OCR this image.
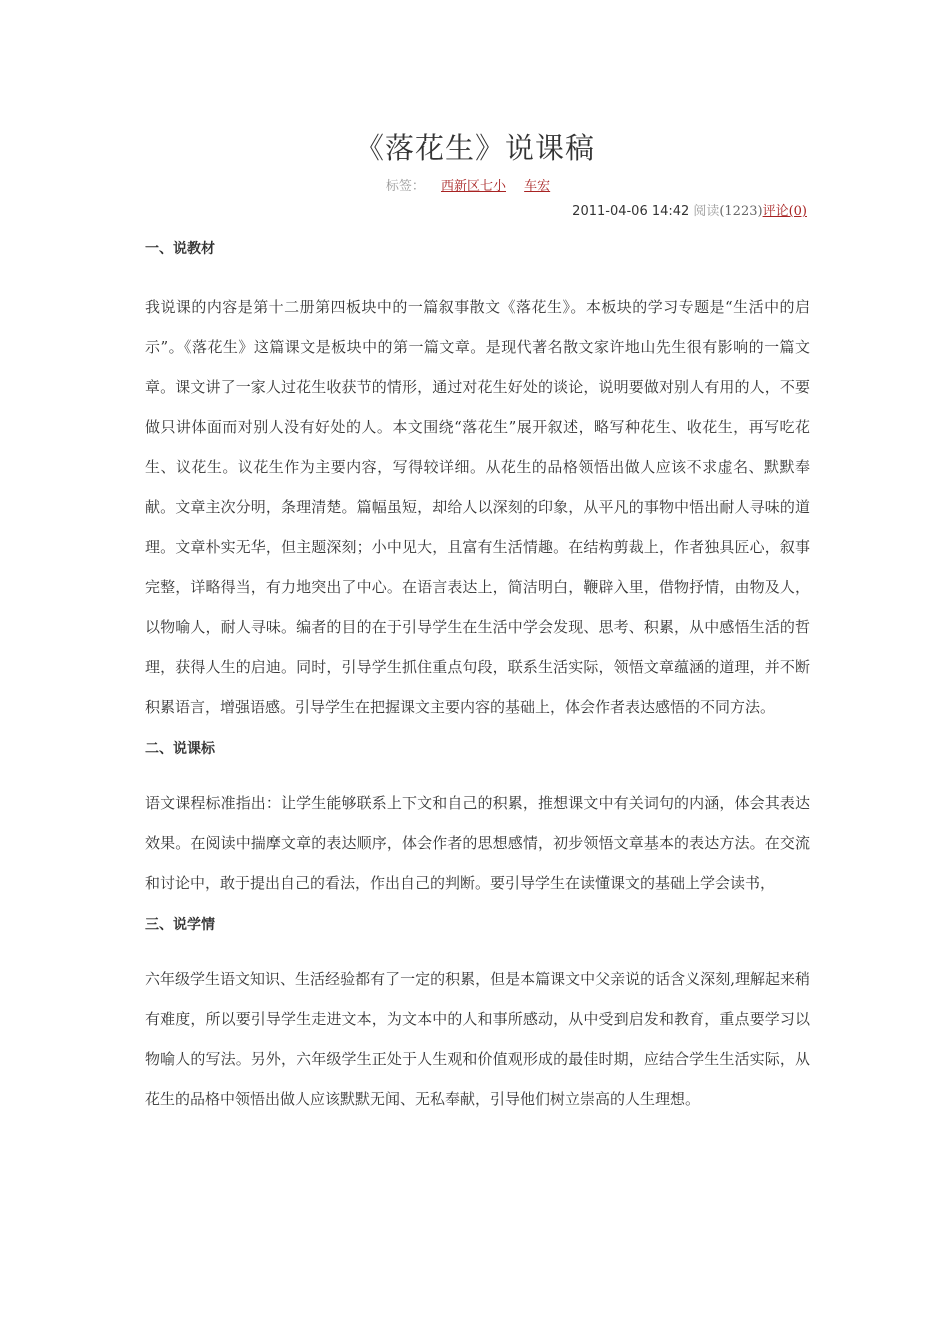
《落花生》说课稿
标签： 西新区七小 车宏
2011-04-06 14:42 阅读(1223)评论(0)

一、说教材

我说课的内容是第十二册第四板块中的一篇叙事散文《落花生》。本板块的学习专题是“生活中的启示”。《落花生》这篇课文是板块中的第一篇文章。是现代著名散文家许地山先生很有影响的一篇文章。课文讲了一家人过花生收获节的情形，通过对花生好处的谈论，说明要做对别人有用的人，不要做只讲体面而对别人没有好处的人。本文围绕“落花生”展开叙述，略写种花生、收花生，再写吃花生、议花生。议花生作为主要内容，写得较详细。从花生的品格领悟出做人应该不求虚名、默默奉献。文章主次分明，条理清楚。篇幅虽短，却给人以深刻的印象，从平凡的事物中悟出耐人寻味的道理。文章朴实无华，但主题深刻；小中见大，且富有生活情趣。在结构剪裁上，作者独具匠心，叙事完整，详略得当，有力地突出了中心。在语言表达上，简洁明白，鞭辟入里，借物抒情，由物及人，以物喻人，耐人寻味。编者的目的在于引导学生在生活中学会发现、思考、积累，从中感悟生活的哲理，获得人生的启迪。同时，引导学生抓住重点句段，联系生活实际，领悟文章蕴涵的道理，并不断积累语言，增强语感。引导学生在把握课文主要内容的基础上，体会作者表达感悟的不同方法。

二、说课标

语文课程标准指出：让学生能够联系上下文和自己的积累，推想课文中有关词句的内涵，体会其表达效果。在阅读中揣摩文章的表达顺序，体会作者的思想感情，初步领悟文章基本的表达方法。在交流和讨论中，敢于提出自己的看法，作出自己的判断。要引导学生在读懂课文的基础上学会读书，

三、说学情

六年级学生语文知识、生活经验都有了一定的积累，但是本篇课文中父亲说的话含义深刻,理解起来稍有难度，所以要引导学生走进文本，为文本中的人和事所感动，从中受到启发和教育，重点要学习以物喻人的写法。另外，六年级学生正处于人生观和价值观形成的最佳时期，应结合学生生活实际，从花生的品格中领悟出做人应该默默无闻、无私奉献，引导他们树立崇高的人生理想。
